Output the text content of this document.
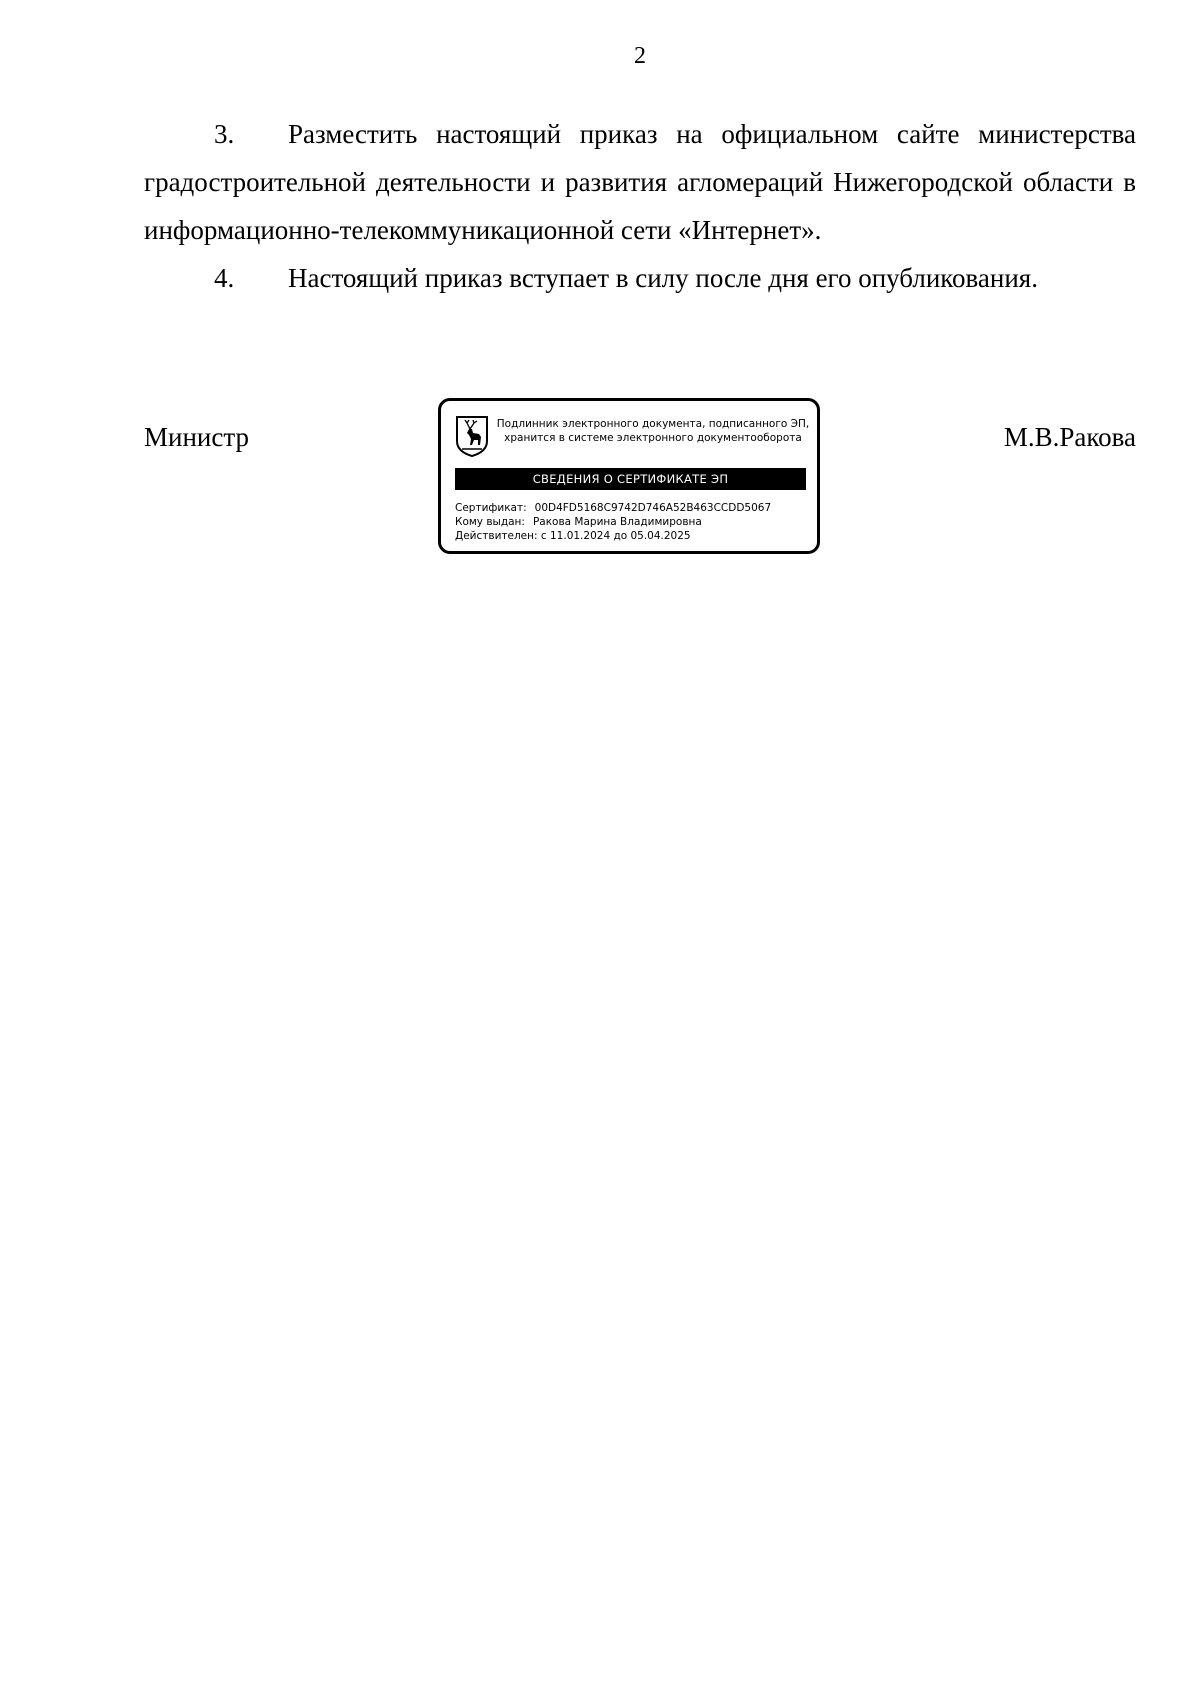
2
3. Разместить настоящий приказ на официальном сайте министерства градостроительной деятельности и развития агломераций Нижегородской области в информационно-телекоммуникационной сети «Интернет».
4. Настоящий приказ вступает в силу после дня его опубликования.
Министр	М.В.Ракова
Подлинник электронного документа, подписанного ЭП,
хранится в системе электронного документооборота
СВЕДЕНИЯ О СЕРТИФИКАТЕ ЭП
Сертификат: 00D4FD5168C9742D746A52B463CCDD5067
Кому выдан: Ракова Марина Владимировна
Действителен: с 11.01.2024 до 05.04.2025
